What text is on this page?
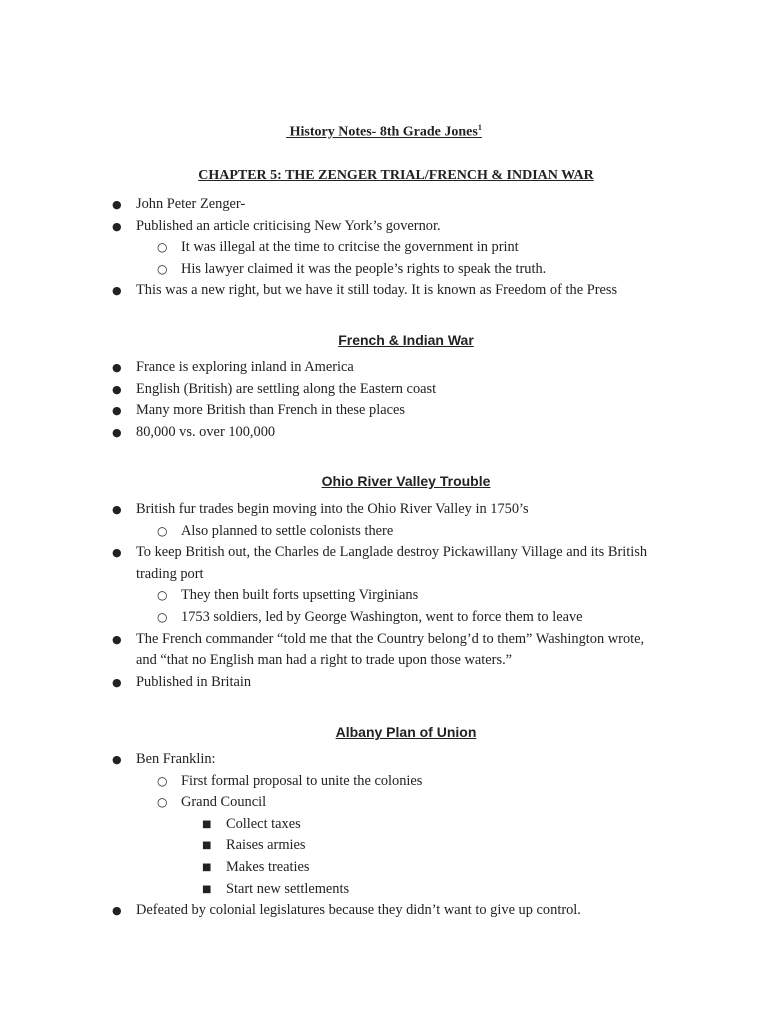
History Notes- 8th Grade Jones$^1$
CHAPTER 5: THE ZENGER TRIAL/FRENCH & INDIAN WAR
● John Peter Zenger-
● Published an article criticising New York’s governor.
○ It was illegal at the time to critcise the government in print
○ His lawyer claimed it was the people’s rights to speak the truth.
● This was a new right, but we have it still today. It is known as Freedom of the Press
French & Indian War
● France is exploring inland in America
● English (British) are settling along the Eastern coast
● Many more British than French in these places
● 80,000 vs. over 100,000
Ohio River Valley Trouble
● British fur trades begin moving into the Ohio River Valley in 1750’s
○ Also planned to settle colonists there
● To keep British out, the Charles de Langlade destroy Pickawillany Village and its British trading port
○ They then built forts upsetting Virginians
○ 1753 soldiers, led by George Washington, went to force them to leave
● The French commander “told me that the Country belong’d to them” Washington wrote, and “that no English man had a right to trade upon those waters.”
● Published in Britain
Albany Plan of Union
● Ben Franklin:
○ First formal proposal to unite the colonies
○ Grand Council
■ Collect taxes
■ Raises armies
■ Makes treaties
■ Start new settlements
● Defeated by colonial legislatures because they didn’t want to give up control.
